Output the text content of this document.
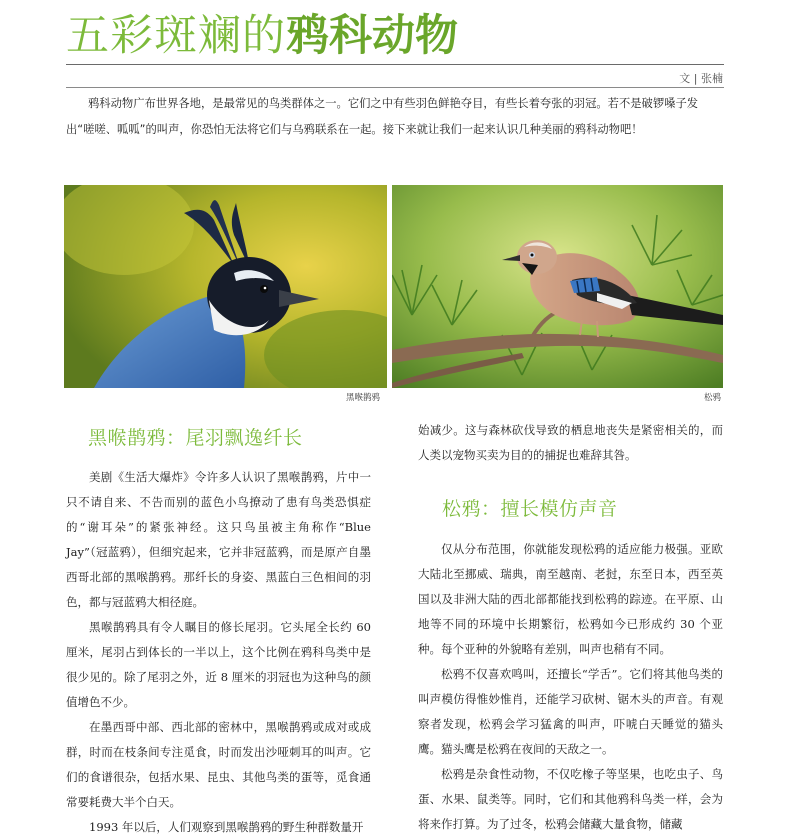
五彩斑斓的鸦科动物
文 | 张楠

鸦科动物广布世界各地，是最常见的鸟类群体之一。它们之中有些羽色鲜艳夺目，有些长着夸张的羽冠。若不是破锣嗓子发出“嗟嗟、呱呱”的叫声，你恐怕无法将它们与乌鸦联系在一起。接下来就让我们一起来认识几种美丽的鸦科动物吧！

黑喉鹊鸦	松鸦
黑喉鹊鸦：尾羽飘逸纤长

美剧《生活大爆炸》令许多人认识了黑喉鹊鸦，片中一只不请自来、不告而别的蓝色小鸟撩动了患有鸟类恐惧症的“谢耳朵”的紧张神经。这只鸟虽被主角称作“Blue Jay”（冠蓝鸦），但细究起来，它并非冠蓝鸦，而是原产自墨西哥北部的黑喉鹊鸦。那纤长的身姿、黑蓝白三色相间的羽色，都与冠蓝鸦大相径庭。

黑喉鹊鸦具有令人瞩目的修长尾羽。它头尾全长约 60 厘米，尾羽占到体长的一半以上，这个比例在鸦科鸟类中是很少见的。除了尾羽之外，近 8 厘米的羽冠也为这种鸟的颜值增色不少。

在墨西哥中部、西北部的密林中，黑喉鹊鸦或成对或成群，时而在枝条间专注觅食，时而发出沙哑刺耳的叫声。它们的食谱很杂，包括水果、昆虫、其他鸟类的蛋等，觅食通常要耗费大半个白天。

1993 年以后，人们观察到黑喉鹊鸦的野生种群数量开

始减少。这与森林砍伐导致的栖息地丧失是紧密相关的，而人类以宠物买卖为目的的捕捉也难辞其咎。

松鸦：擅长模仿声音

仅从分布范围，你就能发现松鸦的适应能力极强。亚欧大陆北至挪威、瑞典，南至越南、老挝，东至日本，西至英国以及非洲大陆的西北部都能找到松鸦的踪迹。在平原、山地等不同的环境中长期繁衍，松鸦如今已形成约 30 个亚种。每个亚种的外貌略有差别，叫声也稍有不同。

松鸦不仅喜欢鸣叫，还擅长“学舌”。它们将其他鸟类的叫声模仿得惟妙惟肖，还能学习砍树、锯木头的声音。有观察者发现，松鸦会学习猛禽的叫声，吓唬白天睡觉的猫头鹰。猫头鹰是松鸦在夜间的天敌之一。

松鸦是杂食性动物，不仅吃橡子等坚果，也吃虫子、鸟蛋、水果、鼠类等。同时，它们和其他鸦科鸟类一样，会为将来作打算。为了过冬，松鸦会储藏大量食物，储藏
